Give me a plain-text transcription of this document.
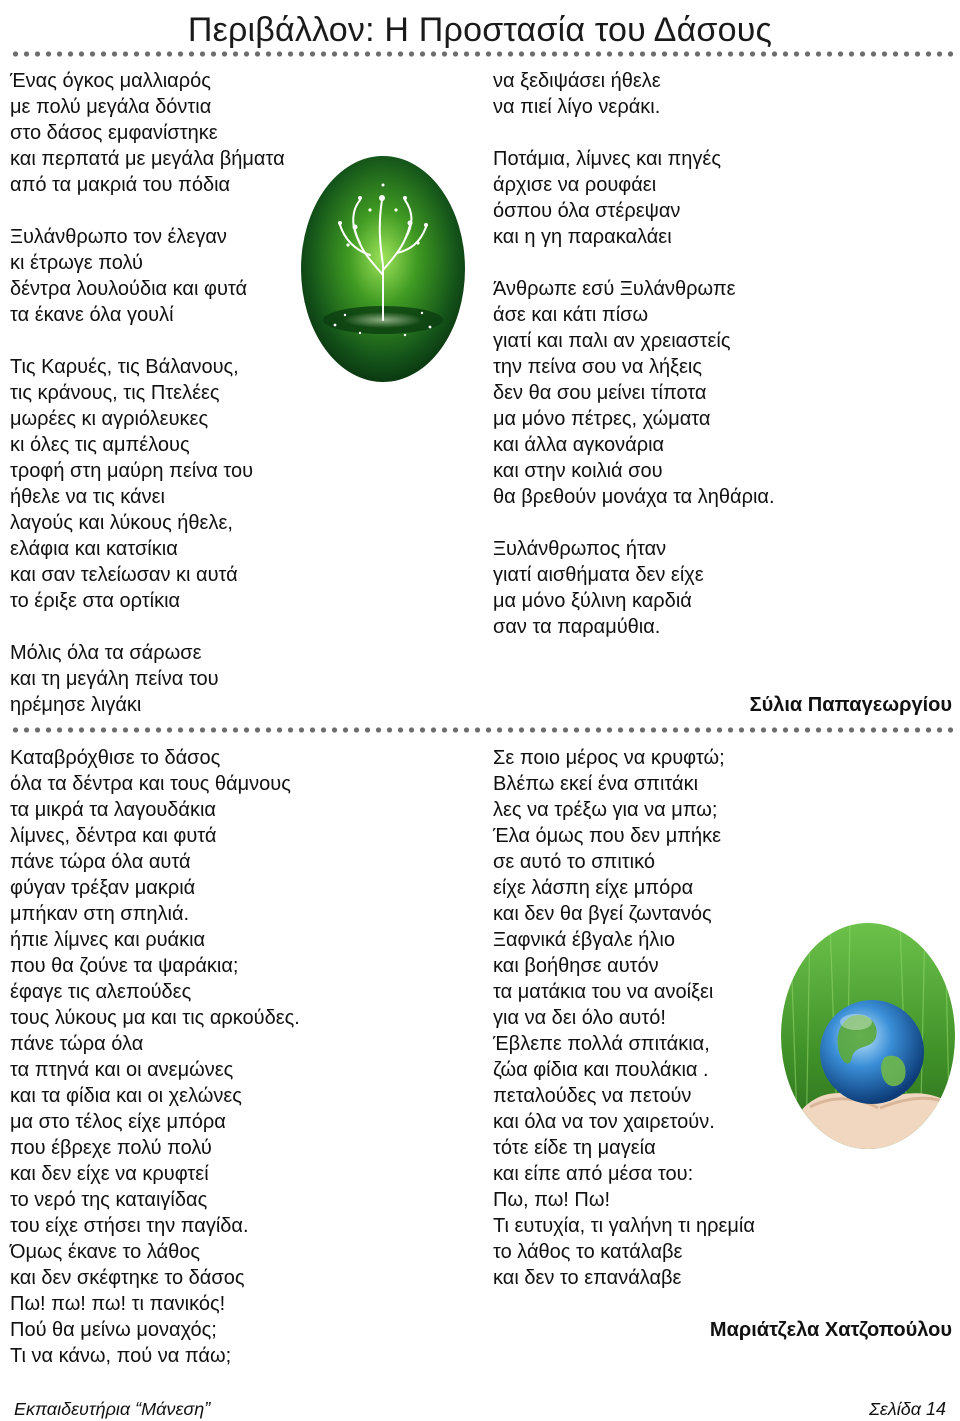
Περιβάλλον: Η Προστασία του Δάσους
Ένας όγκος μαλλιαρός
με πολύ μεγάλα δόντια
στο δάσος εμφανίστηκε
και περπατά με μεγάλα βήματα
από τα μακριά του πόδια
Ξυλάνθρωπο τον έλεγαν
κι έτρωγε πολύ
δέντρα λουλούδια και φυτά
τα έκανε όλα γουλί
Τις Καρυές, τις Βάλανους,
τις κράνους, τις Πτελέες
μωρέες κι αγριόλευκες
κι όλες τις αμπέλους
τροφή στη μαύρη πείνα του
ήθελε να τις κάνει
λαγούς και λύκους ήθελε,
ελάφια και κατσίκια
και σαν τελείωσαν κι αυτά
το έριξε στα ορτίκια
Μόλις όλα τα σάρωσε
και τη μεγάλη πείνα του
ηρέμησε λιγάκι
να ξεδιψάσει ήθελε
να πιεί λίγο νεράκι.
Ποτάμια, λίμνες και πηγές
άρχισε να ρουφάει
όσπου όλα στέρεψαν
και η γη παρακαλάει
Άνθρωπε εσύ Ξυλάνθρωπε
άσε και κάτι πίσω
γιατί και παλι αν χρειαστείς
την πείνα σου να λήξεις
δεν θα σου μείνει τίποτα
μα μόνο πέτρες, χώματα
και άλλα αγκονάρια
και στην κοιλιά σου
θα βρεθούν μονάχα τα ληθάρια.
Ξυλάνθρωπος ήταν
γιατί αισθήματα δεν είχε
μα μόνο ξύλινη καρδιά
σαν τα παραμύθια.
Σύλια Παπαγεωργίου
Καταβρόχθισε το δάσος
όλα τα δέντρα και τους θάμνους
τα μικρά τα λαγουδάκια
λίμνες, δέντρα και φυτά
πάνε τώρα όλα αυτά
φύγαν τρέξαν μακριά
μπήκαν στη σπηλιά.
ήπιε λίμνες και ρυάκια
που θα ζούνε τα ψαράκια;
έφαγε τις αλεπούδες
τους λύκους μα και τις αρκούδες.
πάνε τώρα όλα
τα πτηνά και οι ανεμώνες
και τα φίδια και οι χελώνες
μα στο τέλος είχε μπόρα
που έβρεχε πολύ πολύ
και δεν είχε να κρυφτεί
το νερό της καταιγίδας
του είχε στήσει την παγίδα.
Όμως έκανε το λάθος
και δεν σκέφτηκε το δάσος
Πω! πω! πω! τι πανικός!
Πού θα μείνω μοναχός;
Τι να κάνω, πού να πάω;
Σε ποιο μέρος να κρυφτώ;
Βλέπω εκεί ένα σπιτάκι
λες να τρέξω για να μπω;
Έλα όμως που δεν μπήκε
σε αυτό το σπιτικό
είχε λάσπη είχε μπόρα
και δεν θα βγεί ζωντανός
Ξαφνικά έβγαλε ήλιο
και βοήθησε αυτόν
τα ματάκια του να ανοίξει
για να δει όλο αυτό!
Έβλεπε πολλά σπιτάκια,
ζώα φίδια και πουλάκια .
πεταλούδες να πετούν
και όλα να τον χαιρετούν.
τότε είδε τη μαγεία
και είπε από μέσα του:
Πω, πω! Πω!
Τι ευτυχία, τι γαλήνη τι ηρεμία
το λάθος το κατάλαβε
και δεν το επανάλαβε
Μαριάτζελα Χατζοπούλου
Εκπαιδευτήρια “Μάνεση”	Σελίδα 14
